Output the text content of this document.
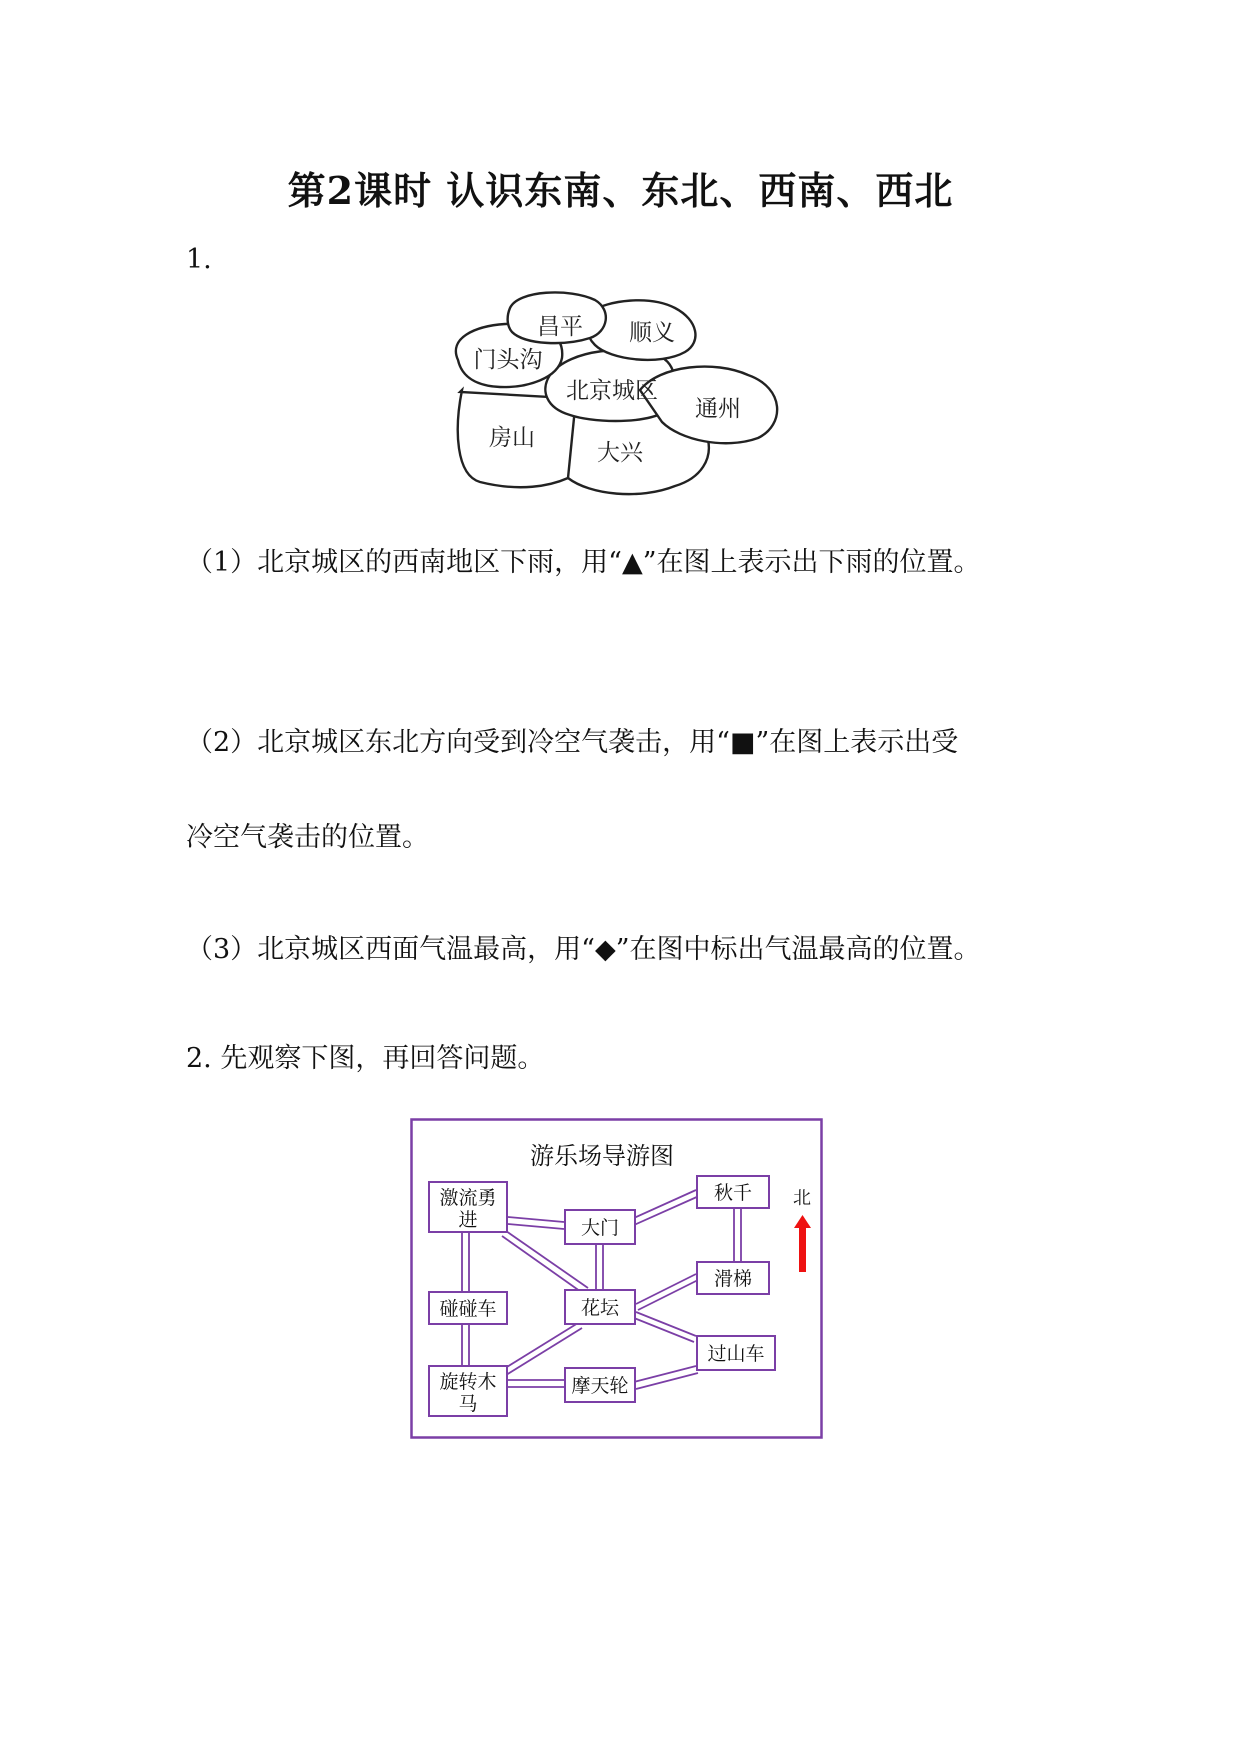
第2课时 认识东南、东北、西南、西北
1.
昌平 顺义
门头沟
北京城区
通州
房山
大兴
（1）北京城区的西南地区下雨，用“▲”在图上表示出下雨的位置。
（2）北京城区东北方向受到冷空气袭击，用“■”在图上表示出受
冷空气袭击的位置。
（3）北京城区西面气温最高，用“◆”在图中标出气温最高的位置。
2. 先观察下图，再回答问题。
游乐场导游图
激流勇
进	大门
秋千
滑梯
碰碰车	花坛
旋转木
马
摩天轮
过山车
北
